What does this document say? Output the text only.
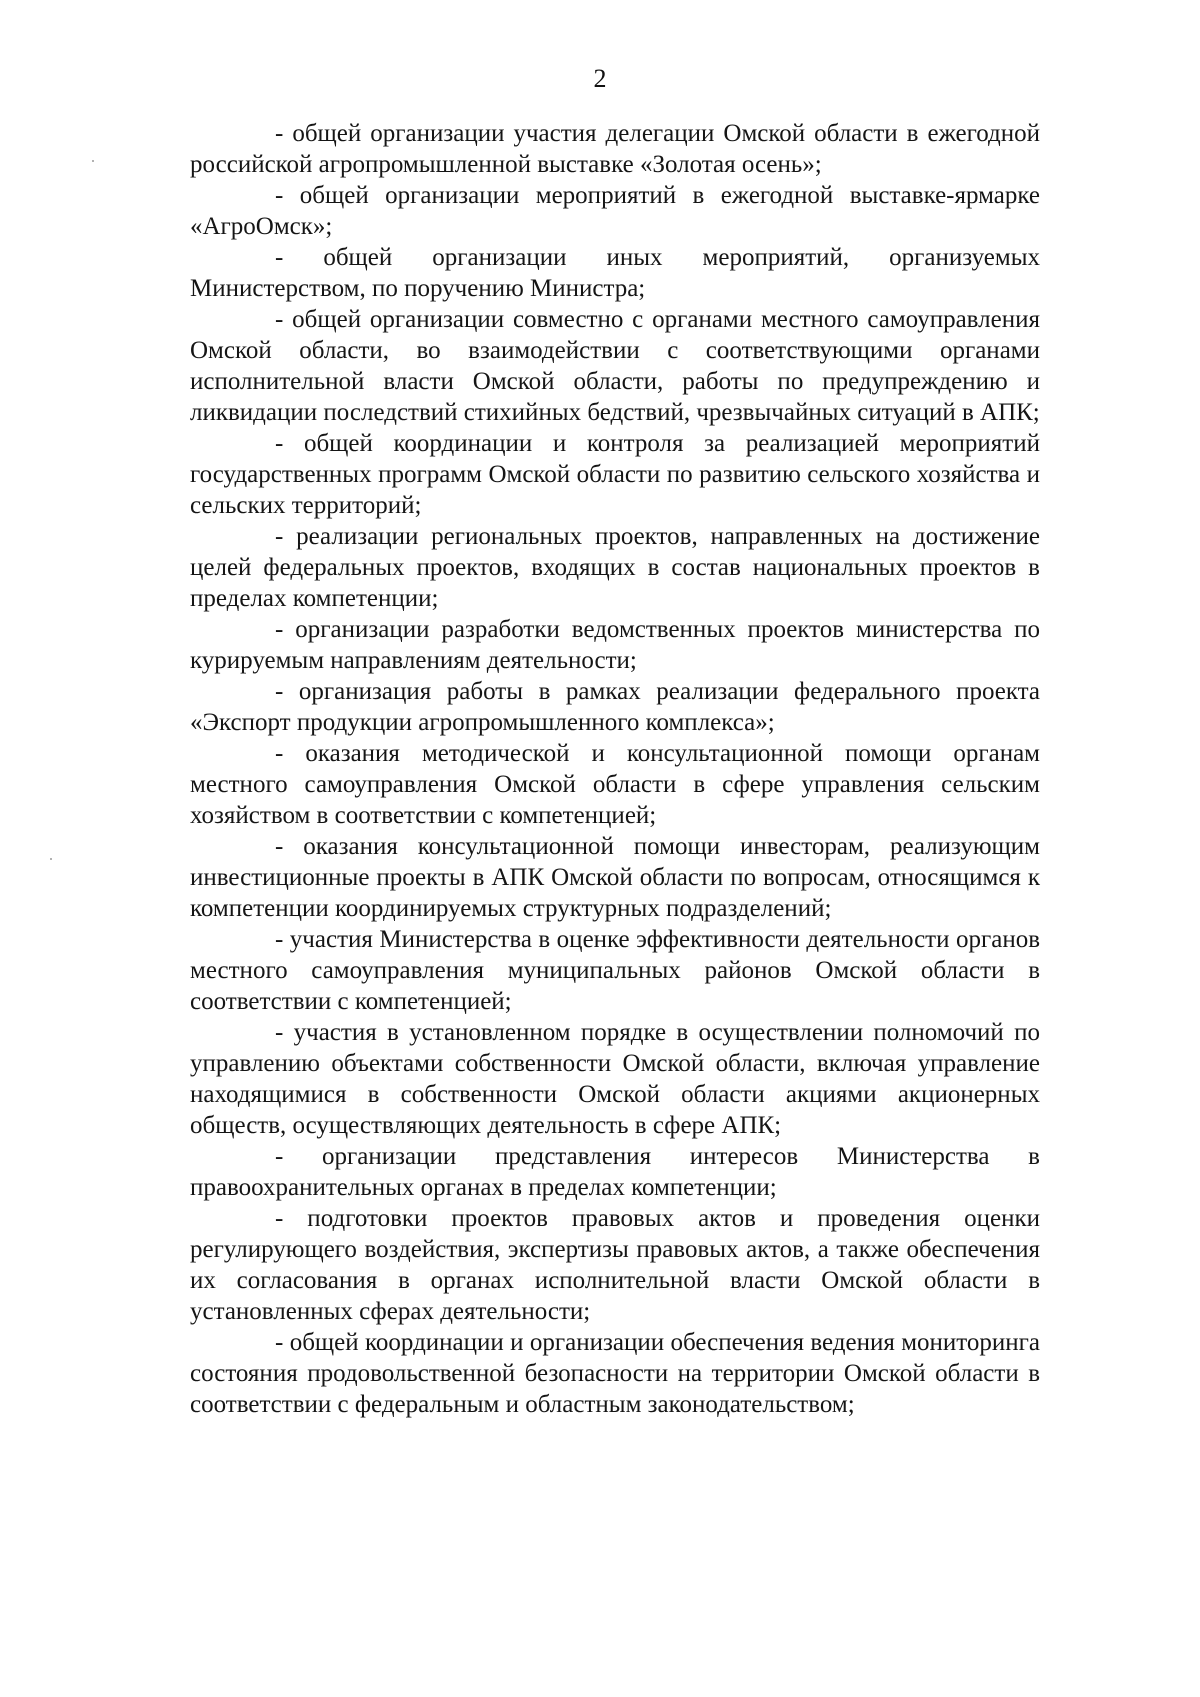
2

- общей организации участия делегации Омской области в ежегодной российской агропромышленной выставке «Золотая осень»;

- общей организации мероприятий в ежегодной выставке-ярмарке «АгроОмск»;

- общей организации иных мероприятий, организуемых Министерством, по поручению Министра;

- общей организации совместно с органами местного самоуправления Омской области, во взаимодействии с соответствующими органами исполнительной власти Омской области, работы по предупреждению и ликвидации последствий стихийных бедствий, чрезвычайных ситуаций в АПК;

- общей координации и контроля за реализацией мероприятий государственных программ Омской области по развитию сельского хозяйства и сельских территорий;

- реализации региональных проектов, направленных на достижение целей федеральных проектов, входящих в состав национальных проектов в пределах компетенции;

- организации разработки ведомственных проектов министерства по курируемым направлениям деятельности;

- организация работы в рамках реализации федерального проекта «Экспорт продукции агропромышленного комплекса»;

- оказания методической и консультационной помощи органам местного самоуправления Омской области в сфере управления сельским хозяйством в соответствии с компетенцией;

- оказания консультационной помощи инвесторам, реализующим инвестиционные проекты в АПК Омской области по вопросам, относящимся к компетенции координируемых структурных подразделений;

- участия Министерства в оценке эффективности деятельности органов местного самоуправления муниципальных районов Омской области в соответствии с компетенцией;

- участия в установленном порядке в осуществлении полномочий по управлению объектами собственности Омской области, включая управление находящимися в собственности Омской области акциями акционерных обществ, осуществляющих деятельность в сфере АПК;

- организации представления интересов Министерства в правоохранительных органах в пределах компетенции;

- подготовки проектов правовых актов и проведения оценки регулирующего воздействия, экспертизы правовых актов, а также обеспечения их согласования в органах исполнительной власти Омской области в установленных сферах деятельности;

- общей координации и организации обеспечения ведения мониторинга состояния продовольственной безопасности на территории Омской области в соответствии с федеральным и областным законодательством;
